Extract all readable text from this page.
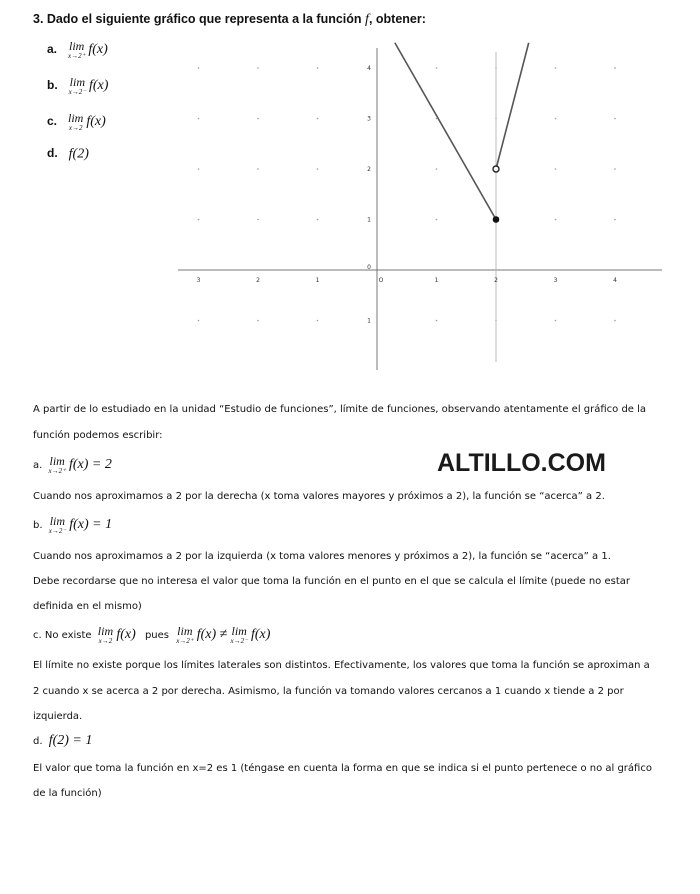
3. Dado el siguiente gráfico que representa a la función f, obtener:
a. lim
x→2⁺ f(x)
b. lim
x→2⁻ f(x)
c. lim
x→2 f(x)
d. f(2)
3	2	1	O	1	2	3	4
4
3
2
1
0
1
A partir de lo estudiado en la unidad “Estudio de funciones”, límite de funciones, observando atentamente el gráfico de la
función podemos escribir:
a. lim
x→2⁺ f(x) = 2	ALTILLO.COM
Cuando nos aproximamos a 2 por la derecha (x toma valores mayores y próximos a 2), la función se “acerca” a 2.
b. lim
x→2⁻ f(x) = 1
Cuando nos aproximamos a 2 por la izquierda (x toma valores menores y próximos a 2), la función se “acerca” a 1.
Debe recordarse que no interesa el valor que toma la función en el punto en el que se calcula el límite (puede no estar
definida en el mismo)
c. No existe lim
x→2 f(x) pues lim
x→2⁺ f(x) ≠ lim
x→2⁻ f(x)
El límite no existe porque los límites laterales son distintos. Efectivamente, los valores que toma la función se aproximan a
2 cuando x se acerca a 2 por derecha. Asimismo, la función va tomando valores cercanos a 1 cuando x tiende a 2 por
izquierda.
d. f(2) = 1
El valor que toma la función en x=2 es 1 (téngase en cuenta la forma en que se indica si el punto pertenece o no al gráfico
de la función)
